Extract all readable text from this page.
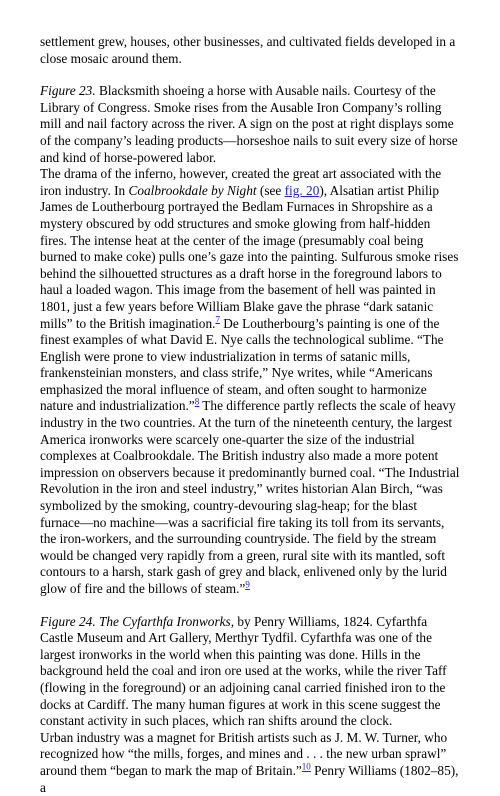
settlement grew, houses, other businesses, and cultivated fields developed in a close mosaic around them.

Figure 23. Blacksmith shoeing a horse with Ausable nails. Courtesy of the Library of Congress. Smoke rises from the Ausable Iron Company’s rolling mill and nail factory across the river. A sign on the post at right displays some of the company’s leading products—horseshoe nails to suit every size of horse and kind of horse-powered labor.

The drama of the inferno, however, created the great art associated with the iron industry. In Coalbrookdale by Night (see fig. 20), Alsatian artist Philip James de Loutherbourg portrayed the Bedlam Furnaces in Shropshire as a mystery obscured by odd structures and smoke glowing from half-hidden fires. The intense heat at the center of the image (presumably coal being burned to make coke) pulls one’s gaze into the painting. Sulfurous smoke rises behind the silhouetted structures as a draft horse in the foreground labors to haul a loaded wagon. This image from the basement of hell was painted in 1801, just a few years before William Blake gave the phrase “dark satanic mills” to the British imagination.$^7$ De Loutherbourg’s painting is one of the finest examples of what David E. Nye calls the technological sublime. “The English were prone to view industrialization in terms of satanic mills, frankensteinian monsters, and class strife,” Nye writes, while “Americans emphasized the moral influence of steam, and often sought to harmonize nature and industrialization.”$^8$ The difference partly reflects the scale of heavy industry in the two countries. At the turn of the nineteenth century, the largest America ironworks were scarcely one-quarter the size of the industrial complexes at Coalbrookdale. The British industry also made a more potent impression on observers because it predominantly burned coal. “The Industrial Revolution in the iron and steel industry,” writes historian Alan Birch, “was symbolized by the smoking, country-devouring slag-heap; for the blast furnace—no machine—was a sacrificial fire taking its toll from its servants, the iron-workers, and the surrounding countryside. The field by the stream would be changed very rapidly from a green, rural site with its mantled, soft contours to a harsh, stark gash of grey and black, enlivened only by the lurid glow of fire and the billows of steam.”$^9$

Figure 24. The Cyfarthfa Ironworks, by Penry Williams, 1824. Cyfarthfa Castle Museum and Art Gallery, Merthyr Tydfil. Cyfarthfa was one of the largest ironworks in the world when this painting was done. Hills in the background held the coal and iron ore used at the works, while the river Taff (flowing in the foreground) or an adjoining canal carried finished iron to the docks at Cardiff. The many human figures at work in this scene suggest the constant activity in such places, which ran shifts around the clock.

Urban industry was a magnet for British artists such as J. M. W. Turner, who recognized how “the mills, forges, and mines and . . . the new urban sprawl” around them “began to mark the map of Britain.”$^{10}$ Penry Williams (1802–85), a
